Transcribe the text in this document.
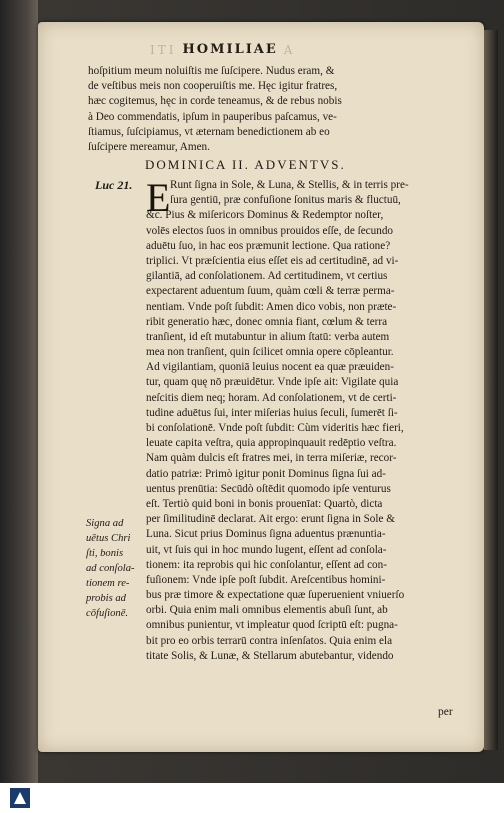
ITI HOMILIAE A
hoſpitium meum noluiſtis me ſuſcipere. Nudus eram, &
de veſtibus meis non cooperuiſtis me. Hęc igitur fratres,
hæc cogitemus, hęc in corde teneamus, & de rebus nobis
à Deo commendatis, ipſum in pauperibus paſcamus, ve-
ſtiamus, ſuſcipiamus, vt æternam benedictionem ab eo
ſuſcipere mereamur, Amen.
DOMINICA II. ADVENTVS.
Luc 21. E Runt ſigna in Sole, & Luna, & Stellis, & in terris pre-
ſura gentiū, præ confuſione ſonitus maris & fluctuū,
&c. Pius & miſericors Dominus & Redemptor noſter,
volēs electos ſuos in omnibus prouidos eſſe, de ſecundo
aduētu ſuo, in hac eos præmunit lectione. Qua ratione?
triplici. Vt præſcientia eius eſſet eis ad certitudinē, ad vi-
gilantiā, ad conſolationem. Ad certitudinem, vt certius
expectarent aduentum ſuum, quàm cœli & terræ perma-
nentiam. Vnde poſt ſubdit: Amen dico vobis, non præte-
ribit generatio hæc, donec omnia fiant, cœlum & terra
tranſient, id eſt mutabuntur in alium ſtatū: verba autem
mea non tranſient, quin ſcilicet omnia opere cōpleantur.
Ad vigilantiam, quoniā leuius nocent ea quæ præuiden-
tur, quam quę nō præuidētur. Vnde ipſe ait: Vigilate quia
neſcitis diem neq; horam. Ad conſolationem, vt de certi-
tudine aduētus ſui, inter miſerias huius ſeculi, ſumerēt ſi-
bi conſolationē. Vnde poſt ſubdit: Cùm videritis hæc fieri,
leuate capita veſtra, quia appropinquauit redēptio veſtra.
Nam quàm dulcis eſt fratres mei, in terra miſeriæ, recor-
datio patriæ: Primò igitur ponit Dominus ſigna ſui ad-
uentus prenūtia: Secūdò oſtēdit quomodo ipſe venturus
eſt. Tertiò quid boni in bonis prouenīat: Quartò, dicta
per ſimilitudinē declarat. Ait ergo: erunt ſigna in Sole &
Luna. Sicut prius Dominus ſigna aduentus prænuntia-
uit, vt ſuis qui in hoc mundo lugent, eſſent ad conſola-
tionem: ita reprobis qui hic conſolantur, eſſent ad con-
fuſionem: Vnde ipſe poſt ſubdit. Areſcentibus homini-
bus præ timore & expectatione quæ ſuperuenient vniuerſo
orbi. Quia enim mali omnibus elementis abuſi ſunt, ab
omnibus punientur, vt impleatur quod ſcriptū eſt: pugna-
bit pro eo orbis terrarū contra inſenſatos. Quia enim ela
titate Solis, & Lunæ, & Stellarum abutebantur, videndo
Signa ad
uētus Chri
ſti, bonis
ad conſola-
tionem re-
probis ad
cōfuſionē.
per
